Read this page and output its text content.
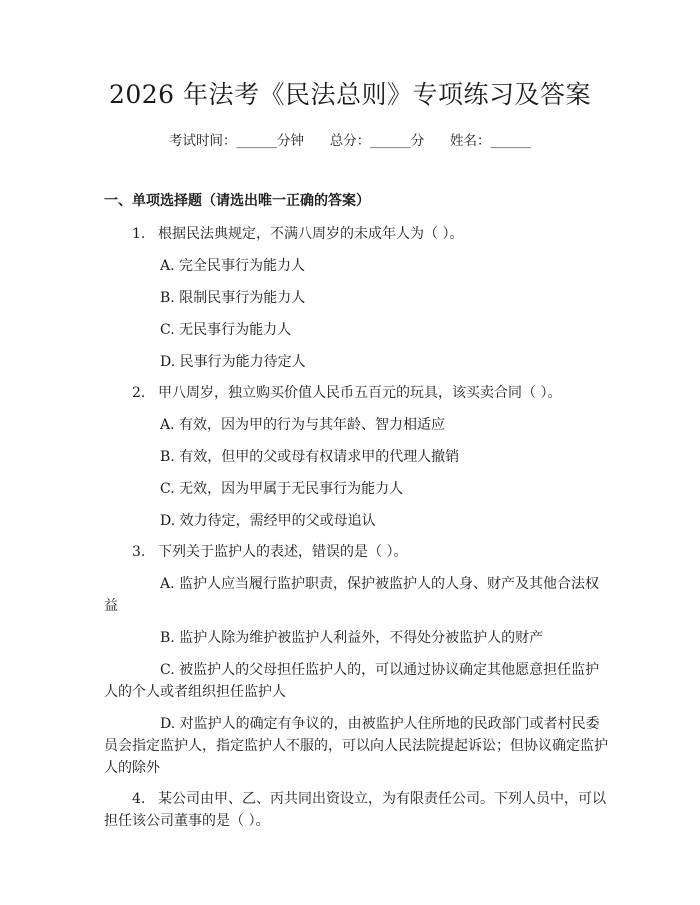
2026 年法考《民法总则》专项练习及答案
考试时间：______分钟      总分：______分      姓名：______
一、单项选择题（请选出唯一正确的答案）
1. 根据民法典规定，不满八周岁的未成年人为（ ）。
A. 完全民事行为能力人
B. 限制民事行为能力人
C. 无民事行为能力人
D. 民事行为能力待定人
2. 甲八周岁，独立购买价值人民币五百元的玩具，该买卖合同（ ）。
A. 有效，因为甲的行为与其年龄、智力相适应
B. 有效，但甲的父或母有权请求甲的代理人撤销
C. 无效，因为甲属于无民事行为能力人
D. 效力待定，需经甲的父或母追认
3. 下列关于监护人的表述，错误的是（ ）。
A. 监护人应当履行监护职责，保护被监护人的人身、财产及其他合法权
益
B. 监护人除为维护被监护人利益外，不得处分被监护人的财产
C. 被监护人的父母担任监护人的，可以通过协议确定其他愿意担任监护
人的个人或者组织担任监护人
D. 对监护人的确定有争议的，由被监护人住所地的民政部门或者村民委
员会指定监护人，指定监护人不服的，可以向人民法院提起诉讼；但协议确定监护
人的除外
4. 某公司由甲、乙、丙共同出资设立，为有限责任公司。下列人员中，可以
担任该公司董事的是（ ）。
